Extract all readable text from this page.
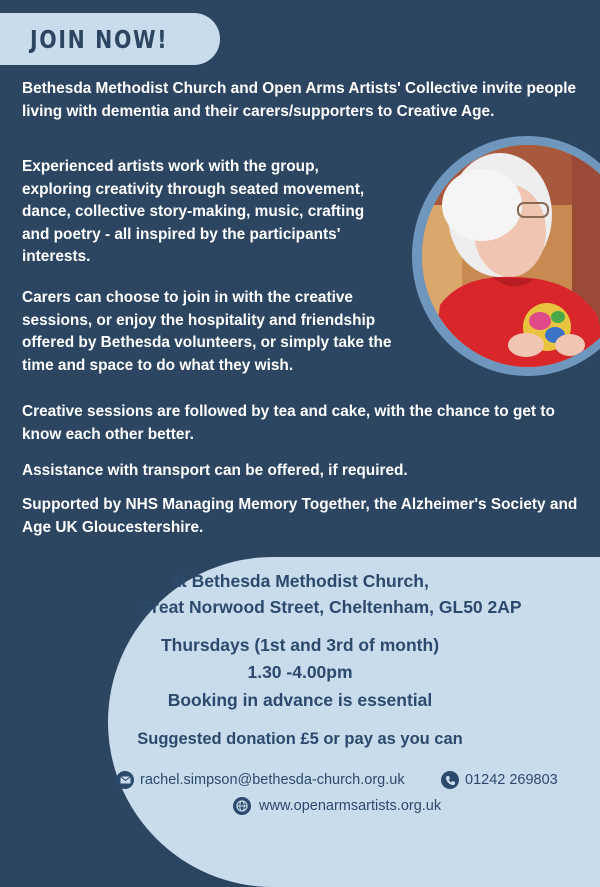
JOIN NOW!

Bethesda Methodist Church and Open Arms Artists' Collective invite people living with dementia and their carers/supporters to Creative Age.

Experienced artists work with the group, exploring creativity through seated movement, dance, collective story-making, music, crafting and poetry - all inspired by the participants' interests.

Carers can choose to join in with the creative sessions, or enjoy the hospitality and friendship offered by Bethesda volunteers, or simply take the time and space to do what they wish.

Creative sessions are followed by tea and cake, with the chance to get to know each other better.

Assistance with transport can be offered, if required.

Supported by NHS Managing Memory Together, the Alzheimer's Society and Age UK Gloucestershire.

at Bethesda Methodist Church,

Great Norwood Street, Cheltenham, GL50 2AP

Thursdays (1st and 3rd of month)

1.30 -4.00pm

Booking in advance is essential

Suggested donation £5 or pay as you can

rachel.simpson@bethesda-church.org.uk	01242 269803
www.openarmsartists.org.uk
